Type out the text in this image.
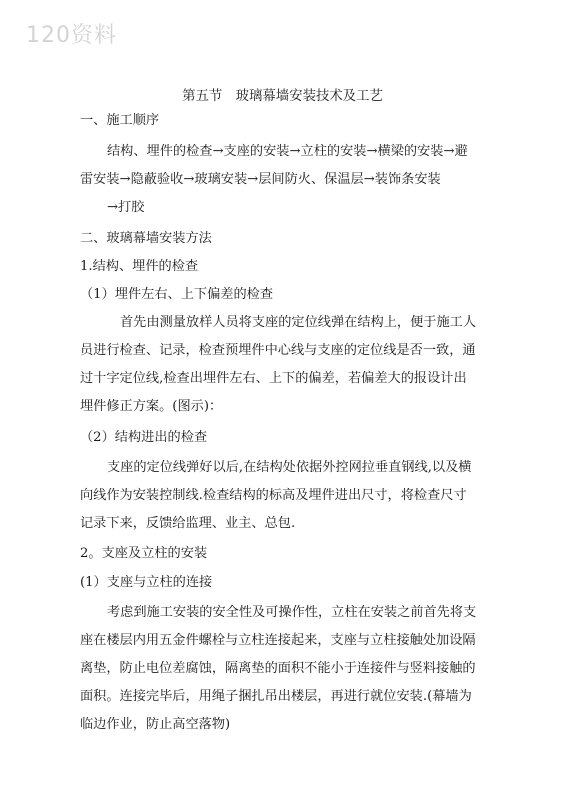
120资料
第五节　玻璃幕墙安装技术及工艺
一、施工顺序
结构、埋件的检查→支座的安装→立柱的安装→横梁的安装→避
雷安装→隐蔽验收→玻璃安装→层间防火、保温层→装饰条安装
→打胶
二、玻璃幕墙安装方法
1.结构、埋件的检查
（1）埋件左右、上下偏差的检查
首先由测量放样人员将支座的定位线弹在结构上，便于施工人
员进行检查、记录，检查预埋件中心线与支座的定位线是否一致，通
过十字定位线,检查出埋件左右、上下的偏差，若偏差大的报设计出
埋件修正方案。(图示)：
（2）结构进出的检查
支座的定位线弹好以后,在结构处依据外控网拉垂直钢线,以及横
向线作为安装控制线.检查结构的标高及埋件进出尺寸，将检查尺寸
记录下来，反馈给监理、业主、总包.
2。支座及立柱的安装
(1）支座与立柱的连接
考虑到施工安装的安全性及可操作性，立柱在安装之前首先将支
座在楼层内用五金件螺栓与立柱连接起来，支座与立柱接触处加设隔
离垫，防止电位差腐蚀，隔离垫的面积不能小于连接件与竖料接触的
面积。连接完毕后，用绳子捆扎吊出楼层，再进行就位安装.(幕墙为
临边作业，防止高空落物)
